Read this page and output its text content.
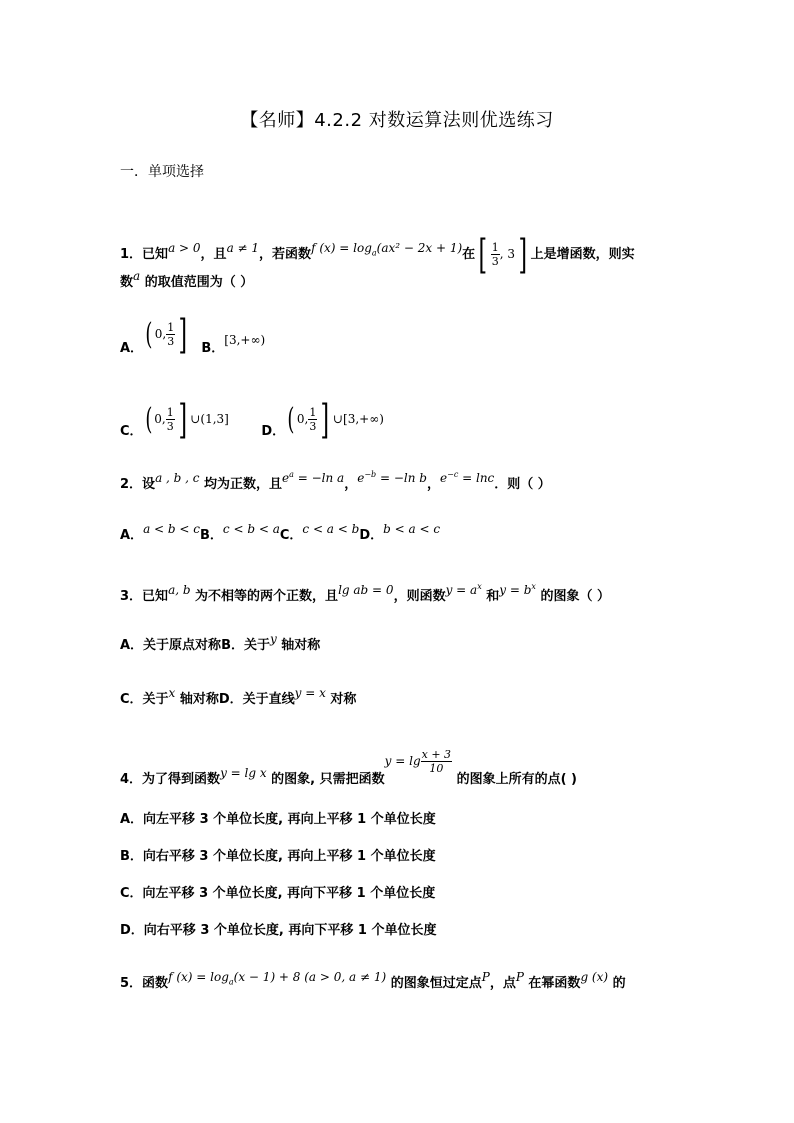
【名师】4.2.2 对数运算法则优选练习
一．单项选择
1．已知a > 0，且a ≠ 1，若函数f $(x) = \log_a(ax^2 - 2x + 1)$在[ $\frac{1}{3}$ , 3] 上是增函数，则实
数a 的取值范围为（ ）
A．( 0, $\frac{1}{3}$ ] B．[3,+∞)
C．( 0, $\frac{1}{3}$ ] ∪(1,3] D．( 0, $\frac{1}{3}$ ] ∪[3,+∞)
2．设a , b , c 均为正数，且$e^a = -\ln$ a，$e^{-b} = -\ln$ b，$e^{-c} = \ln c$．则（ ）
A．a < b < cB．c < b < aC．c < a < bD．b < a < c
3．已知a, b 为不相等的两个正数，且lg ab = 0，则函数$y = a^x$ 和$y = b^x$ 的图象（ ）
A．关于原点对称B．关于y 轴对称
C．关于x 轴对称D．关于直线y = x 对称
4．为了得到函数y = lg x 的图象, 只需把函数$y = \lg \frac{x + 3}{10}$
的图象上所有的点( )
A．向左平移 3 个单位长度, 再向上平移 1 个单位长度
B．向右平移 3 个单位长度, 再向上平移 1 个单位长度
C．向左平移 3 个单位长度, 再向下平移 1 个单位长度
D．向右平移 3 个单位长度, 再向下平移 1 个单位长度
5．函数f $(x) = \log_a(x - 1) + 8$ (a > 0, a ≠ 1) 的图象恒过定点P，点P 在幂函数g (x) 的
